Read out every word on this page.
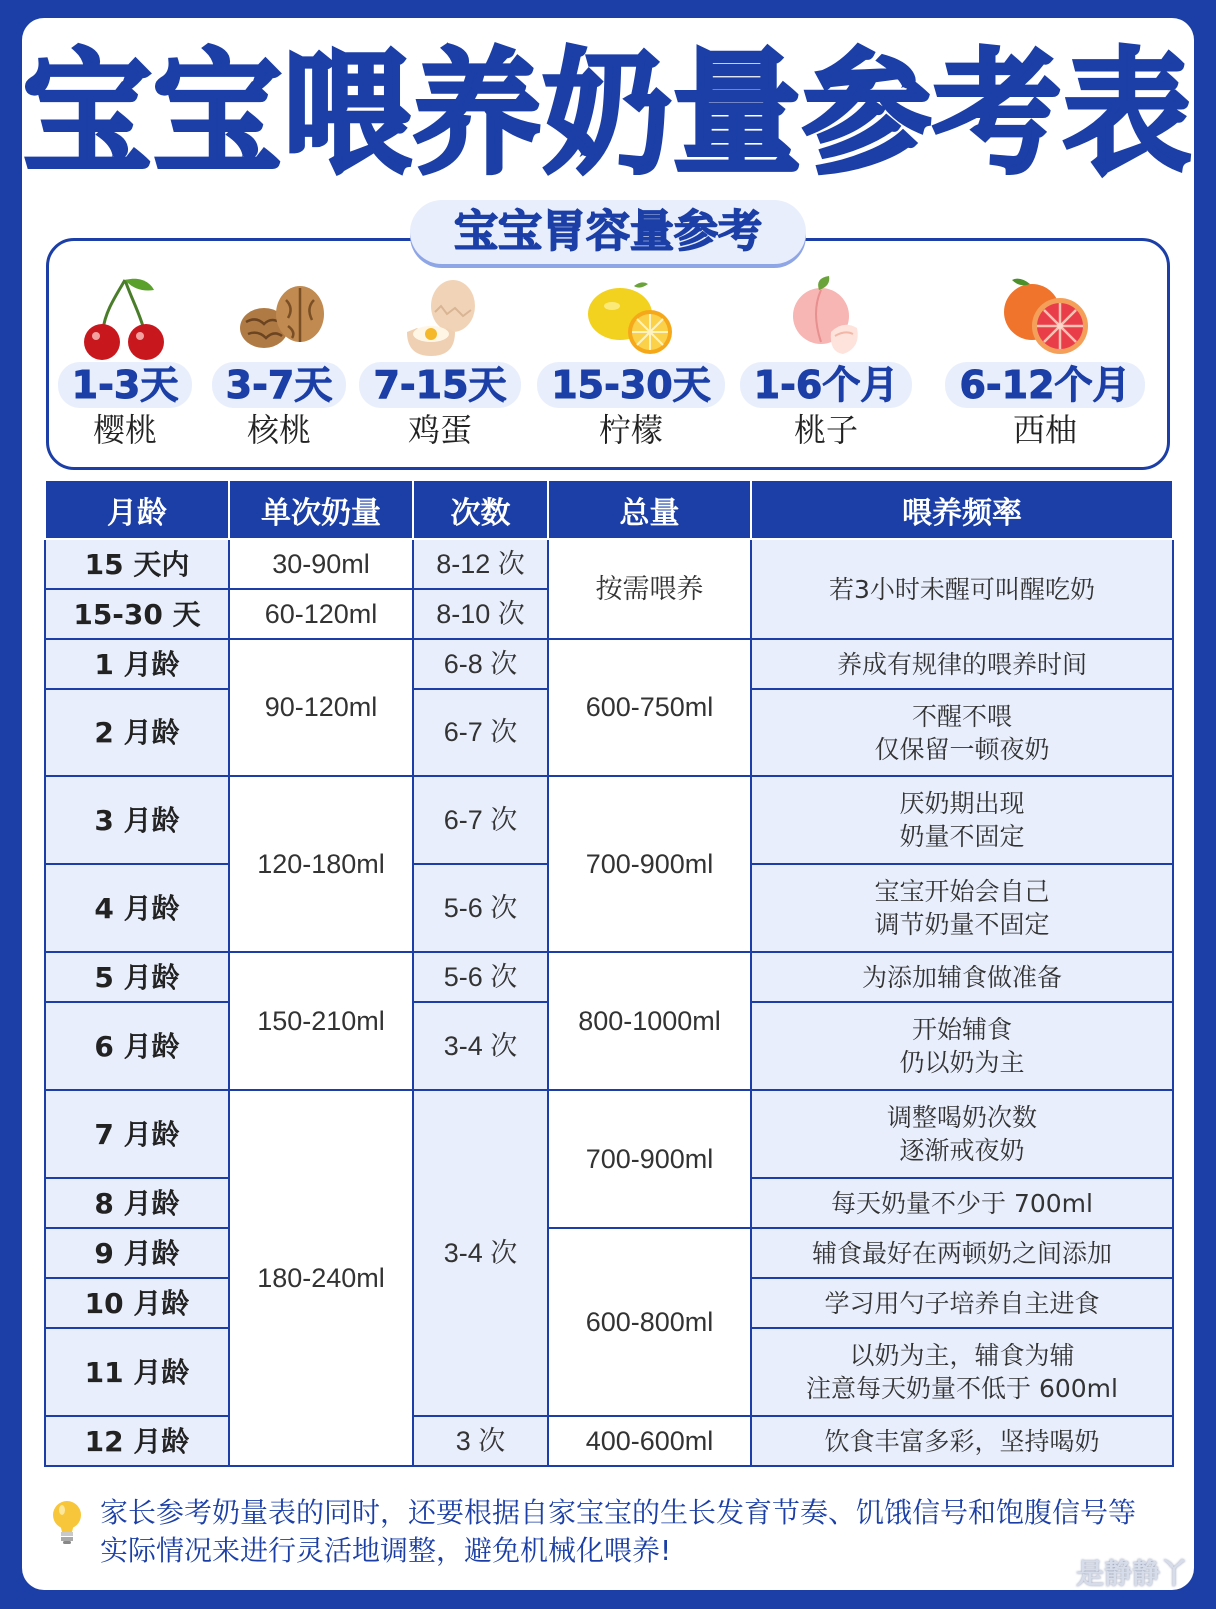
宝宝喂养奶量参考表
宝宝胃容量参考
1-3天
樱桃
3-7天
核桃
7-15天
鸡蛋
15-30天
柠檬
1-6个月
桃子
6-12个月
西柚
月龄	单次奶量	次数	总量	喂养频率
15 天内	30-90ml	8-12 次	按需喂养	若3小时未醒可叫醒吃奶
15-30 天	60-120ml	8-10 次		
1 月龄	90-120ml	6-8 次	600-750ml	养成有规律的喂养时间
2 月龄		6-7 次		不醒不喂
仅保留一顿夜奶

3 月龄	120-180ml	6-7 次	700-900ml	厌奶期出现
奶量不固定

4 月龄		5-6 次		宝宝开始会自己
调节奶量不固定

5 月龄	150-210ml	5-6 次	800-1000ml	为添加辅食做准备
6 月龄		3-4 次		开始辅食
仍以奶为主

7 月龄	180-240ml	3-4 次	700-900ml	调整喝奶次数
逐渐戒夜奶

8 月龄				每天奶量不少于 700ml
9 月龄			600-800ml	辅食最好在两顿奶之间添加
10 月龄				学习用勺子培养自主进食
11 月龄				以奶为主，辅食为辅
注意每天奶量不低于 600ml

12 月龄		3 次	400-600ml	饮食丰富多彩，坚持喝奶
家长参考奶量表的同时，还要根据自家宝宝的生长发育节奏、饥饿信号和饱腹信号等实际情况来进行灵活地调整，避免机械化喂养!
是静静丫
